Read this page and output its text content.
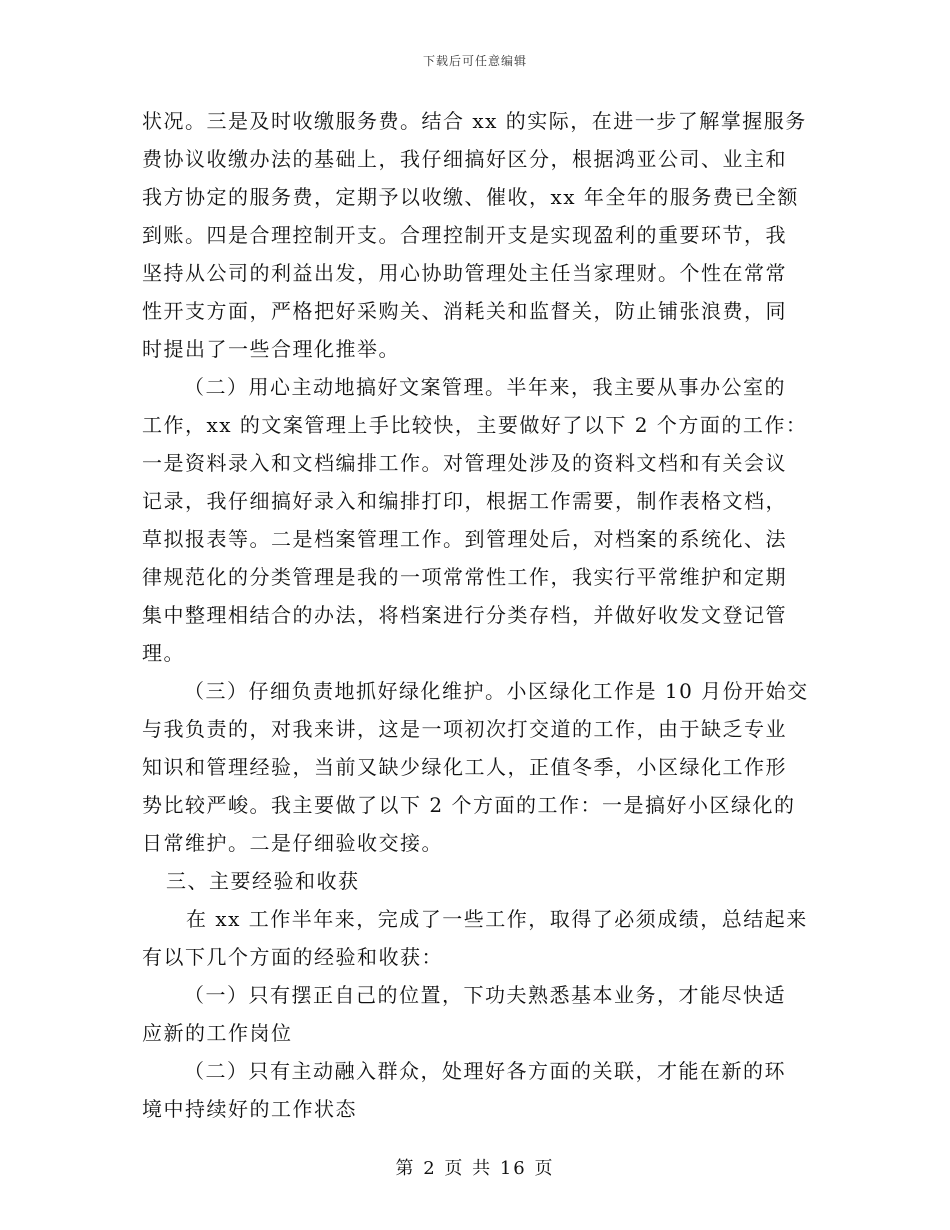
下载后可任意编辑
状况。三是及时收缴服务费。结合 xx 的实际，在进一步了解掌握服务
费协议收缴办法的基础上，我仔细搞好区分，根据鸿亚公司、业主和
我方协定的服务费，定期予以收缴、催收，xx 年全年的服务费已全额
到账。四是合理控制开支。合理控制开支是实现盈利的重要环节，我
坚持从公司的利益出发，用心协助管理处主任当家理财。个性在常常
性开支方面，严格把好采购关、消耗关和监督关，防止铺张浪费，同
时提出了一些合理化推举。
（二）用心主动地搞好文案管理。半年来，我主要从事办公室的
工作，xx 的文案管理上手比较快，主要做好了以下 2 个方面的工作：
一是资料录入和文档编排工作。对管理处涉及的资料文档和有关会议
记录，我仔细搞好录入和编排打印，根据工作需要，制作表格文档，
草拟报表等。二是档案管理工作。到管理处后，对档案的系统化、法
律规范化的分类管理是我的一项常常性工作，我实行平常维护和定期
集中整理相结合的办法，将档案进行分类存档，并做好收发文登记管
理。
（三）仔细负责地抓好绿化维护。小区绿化工作是 10 月份开始交
与我负责的，对我来讲，这是一项初次打交道的工作，由于缺乏专业
知识和管理经验，当前又缺少绿化工人，正值冬季，小区绿化工作形
势比较严峻。我主要做了以下 2 个方面的工作：一是搞好小区绿化的
日常维护。二是仔细验收交接。
三、主要经验和收获
在 xx 工作半年来，完成了一些工作，取得了必须成绩，总结起来
有以下几个方面的经验和收获：
（一）只有摆正自己的位置，下功夫熟悉基本业务，才能尽快适
应新的工作岗位
（二）只有主动融入群众，处理好各方面的关联，才能在新的环
境中持续好的工作状态
第 2 页 共 16 页
